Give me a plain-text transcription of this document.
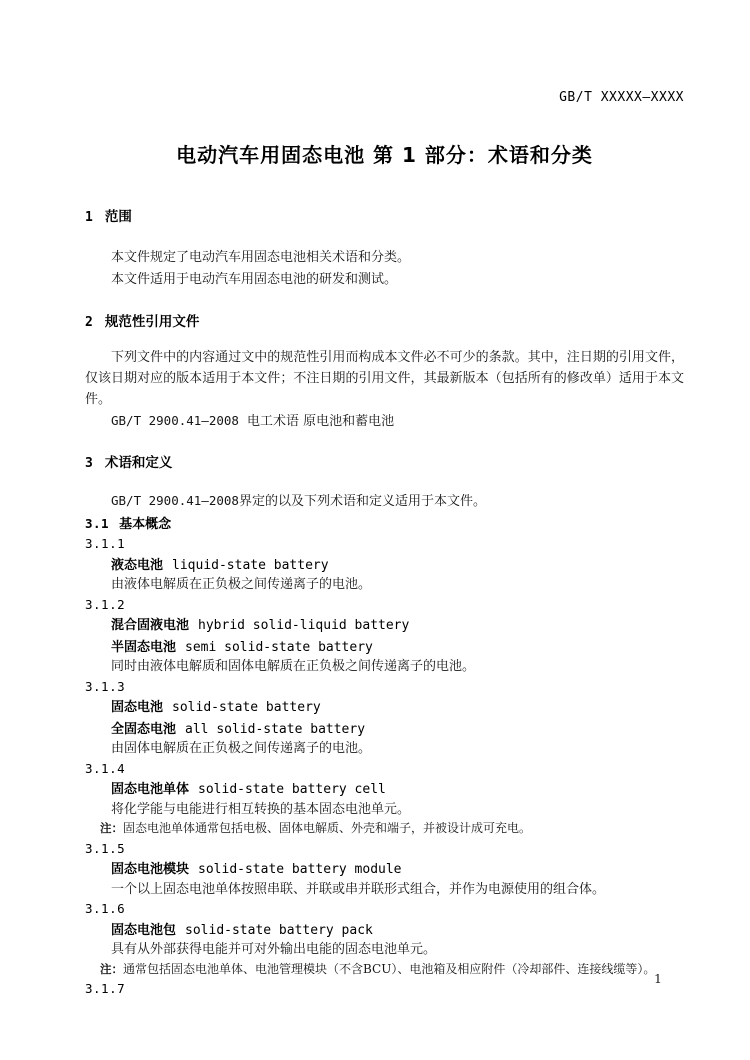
GB/T XXXXX—XXXX
电动汽车用固态电池 第 1 部分：术语和分类
1 范围
本文件规定了电动汽车用固态电池相关术语和分类。
本文件适用于电动汽车用固态电池的研发和测试。
2 规范性引用文件
下列文件中的内容通过文中的规范性引用而构成本文件必不可少的条款。其中，注日期的引用文件，仅该日期对应的版本适用于本文件；不注日期的引用文件，其最新版本（包括所有的修改单）适用于本文件。
GB/T 2900.41—2008 电工术语 原电池和蓄电池
3 术语和定义
GB/T 2900.41—2008界定的以及下列术语和定义适用于本文件。
3.1 基本概念
3.1.1
液态电池 liquid-state battery
由液体电解质在正负极之间传递离子的电池。
3.1.2
混合固液电池 hybrid solid-liquid battery
半固态电池 semi solid-state battery
同时由液体电解质和固体电解质在正负极之间传递离子的电池。
3.1.3
固态电池 solid-state battery
全固态电池 all solid-state battery
由固体电解质在正负极之间传递离子的电池。
3.1.4
固态电池单体 solid-state battery cell
将化学能与电能进行相互转换的基本固态电池单元。
注：固态电池单体通常包括电极、固体电解质、外壳和端子，并被设计成可充电。
3.1.5
固态电池模块 solid-state battery module
一个以上固态电池单体按照串联、并联或串并联形式组合，并作为电源使用的组合体。
3.1.6
固态电池包 solid-state battery pack
具有从外部获得电能并可对外输出电能的固态电池单元。
注：通常包括固态电池单体、电池管理模块（不含BCU）、电池箱及相应附件（冷却部件、连接线缆等）。
3.1.7
1
